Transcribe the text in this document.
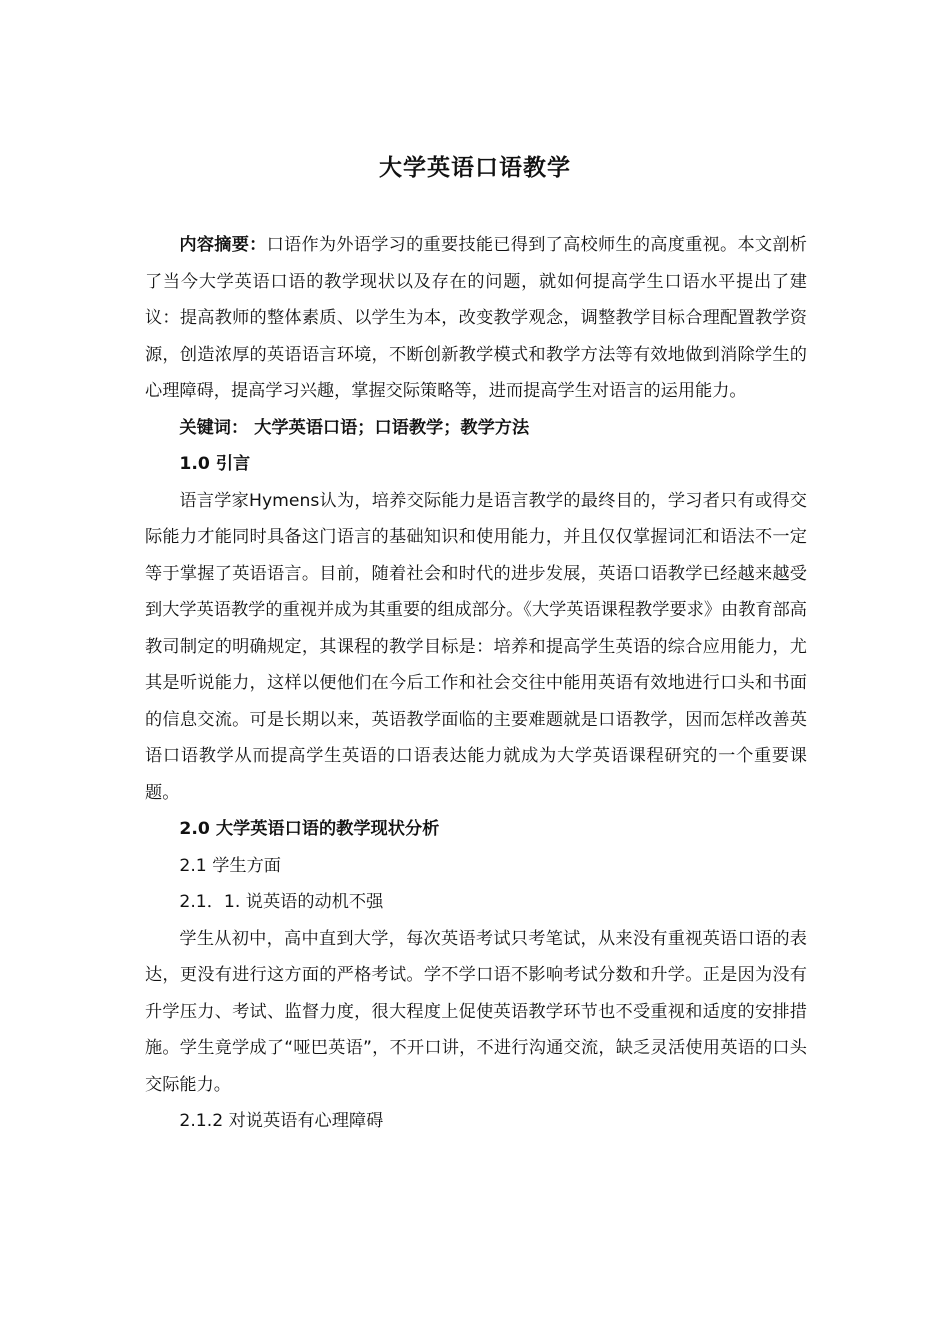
大学英语口语教学

内容摘要：口语作为外语学习的重要技能已得到了高校师生的高度重视。本文剖析了当今大学英语口语的教学现状以及存在的问题，就如何提高学生口语水平提出了建议：提高教师的整体素质、以学生为本，改变教学观念，调整教学目标合理配置教学资源，创造浓厚的英语语言环境，不断创新教学模式和教学方法等有效地做到消除学生的心理障碍，提高学习兴趣，掌握交际策略等，进而提高学生对语言的运用能力。

关键词： 大学英语口语；口语教学；教学方法

1.0 引言

语言学家Hymens认为，培养交际能力是语言教学的最终目的，学习者只有或得交际能力才能同时具备这门语言的基础知识和使用能力，并且仅仅掌握词汇和语法不一定等于掌握了英语语言。目前，随着社会和时代的进步发展，英语口语教学已经越来越受到大学英语教学的重视并成为其重要的组成部分。《大学英语课程教学要求》由教育部高教司制定的明确规定，其课程的教学目标是：培养和提高学生英语的综合应用能力，尤其是听说能力，这样以便他们在今后工作和社会交往中能用英语有效地进行口头和书面的信息交流。可是长期以来，英语教学面临的主要难题就是口语教学，因而怎样改善英语口语教学从而提高学生英语的口语表达能力就成为大学英语课程研究的一个重要课题。

2.0 大学英语口语的教学现状分析

2.1 学生方面

2.1．1. 说英语的动机不强

学生从初中，高中直到大学，每次英语考试只考笔试，从来没有重视英语口语的表达，更没有进行这方面的严格考试。学不学口语不影响考试分数和升学。正是因为没有升学压力、考试、监督力度，很大程度上促使英语教学环节也不受重视和适度的安排措施。学生竟学成了“哑巴英语”，不开口讲，不进行沟通交流，缺乏灵活使用英语的口头交际能力。

2.1.2 对说英语有心理障碍
